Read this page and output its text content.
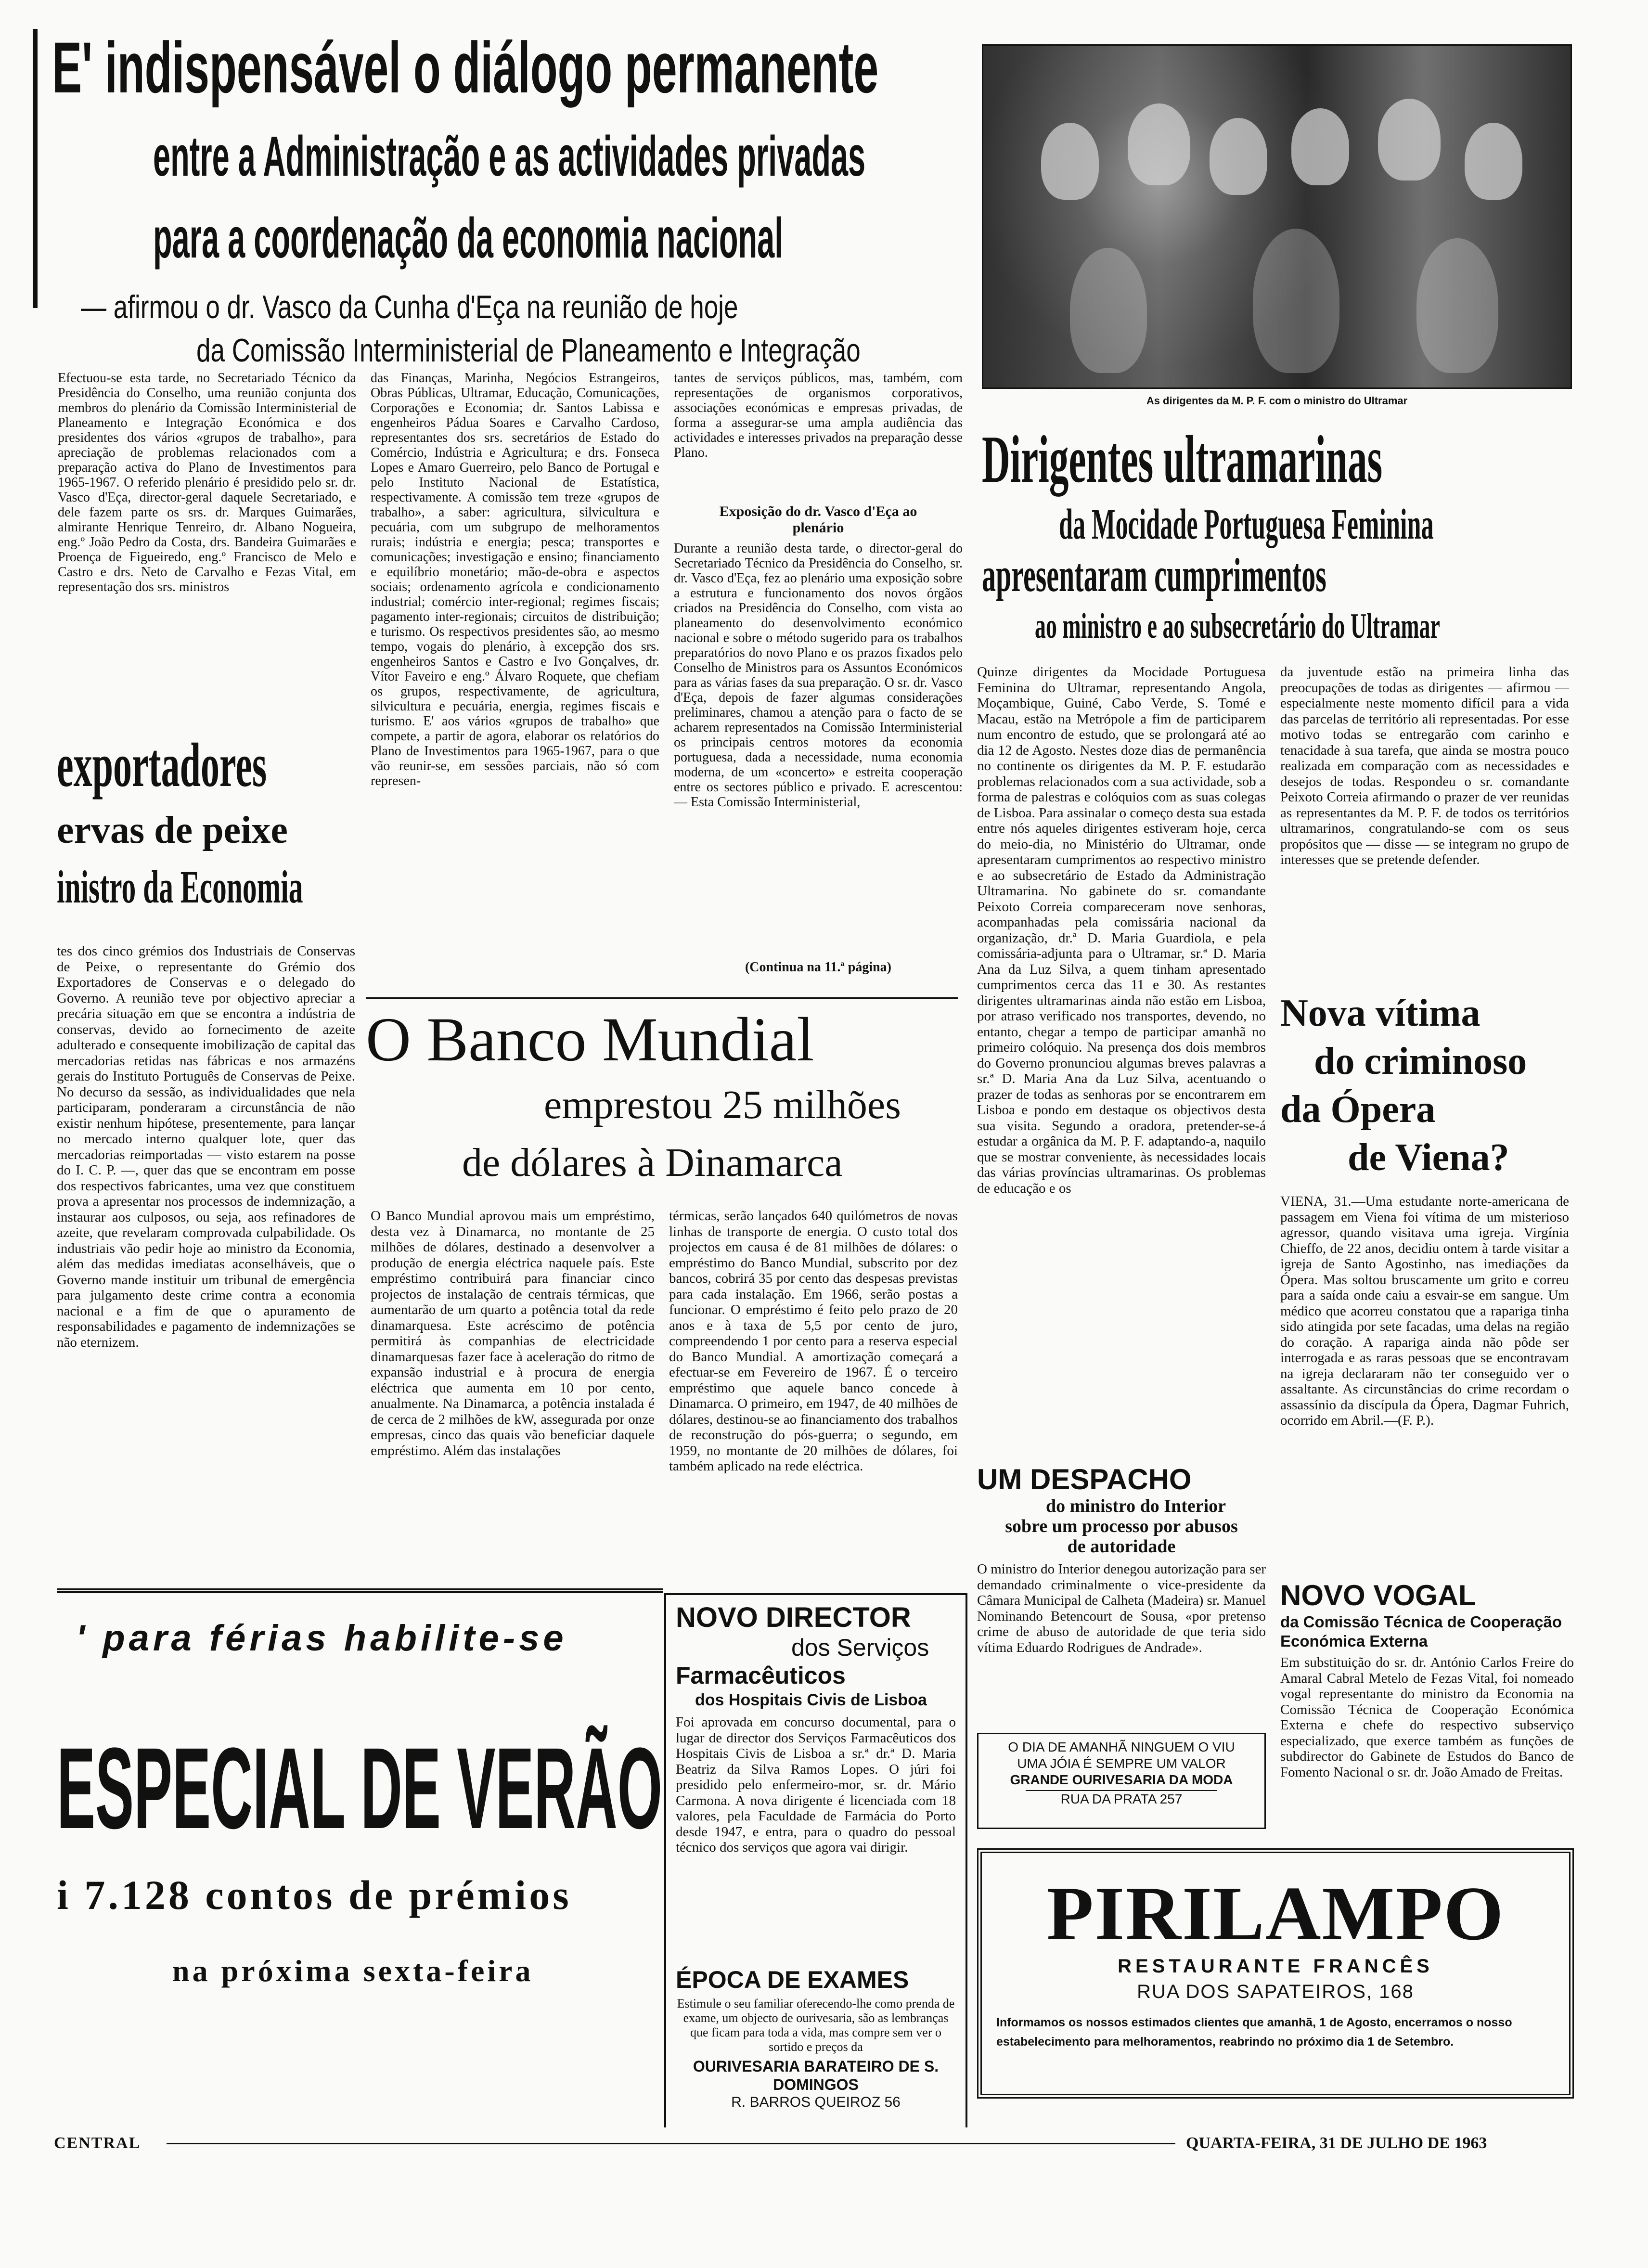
E' indispensável o diálogo permanente
entre a Administração e as actividades privadas
para a coordenação da economia nacional
— afirmou o dr. Vasco da Cunha d'Eça na reunião de hoje
da Comissão Interministerial de Planeamento e Integração
Efectuou-se esta tarde, no Secretariado Técnico da Presidência do Conselho, uma reunião conjunta dos membros do plenário da Comissão Interministerial de Planeamento e Integração Económica e dos presidentes dos vários «grupos de trabalho», para apreciação de problemas relacionados com a preparação activa do Plano de Investimentos para 1965-1967. O referido plenário é presidido pelo sr. dr. Vasco d'Eça, director-geral daquele Secretariado, e dele fazem parte os srs. dr. Marques Guimarães, almirante Henrique Tenreiro, dr. Albano Nogueira, eng.º João Pedro da Costa, drs. Bandeira Guimarães e Proença de Figueiredo, eng.º Francisco de Melo e Castro e drs. Neto de Carvalho e Fezas Vital, em representação dos srs. ministros
das Finanças, Marinha, Negócios Estrangeiros, Obras Públicas, Ultramar, Educação, Comunicações, Corporações e Economia; dr. Santos Labissa e engenheiros Pádua Soares e Carvalho Cardoso, representantes dos srs. secretários de Estado do Comércio, Indústria e Agricultura; e drs. Fonseca Lopes e Amaro Guerreiro, pelo Banco de Portugal e pelo Instituto Nacional de Estatística, respectivamente. A comissão tem treze «grupos de trabalho», a saber: agricultura, silvicultura e pecuária, com um subgrupo de melhoramentos rurais; indústria e energia; pesca; transportes e comunicações; investigação e ensino; financiamento e equilíbrio monetário; mão-de-obra e aspectos sociais; ordenamento agrícola e condicionamento industrial; comércio inter-regional; regimes fiscais; pagamento inter-regionais; circuitos de distribuição; e turismo. Os respectivos presidentes são, ao mesmo tempo, vogais do plenário, à excepção dos srs. engenheiros Santos e Castro e Ivo Gonçalves, dr. Vítor Faveiro e eng.º Álvaro Roquete, que chefiam os grupos, respectivamente, de agricultura, silvicultura e pecuária, energia, regimes fiscais e turismo. E' aos vários «grupos de trabalho» que compete, a partir de agora, elaborar os relatórios do Plano de Investimentos para 1965-1967, para o que vão reunir-se, em sessões parciais, não só com represen-
tantes de serviços públicos, mas, também, com representações de organismos corporativos, associações económicas e empresas privadas, de forma a assegurar-se uma ampla audiência das actividades e interesses privados na preparação desse Plano.
Exposição do dr. Vasco d'Eça ao plenário
Durante a reunião desta tarde, o director-geral do Secretariado Técnico da Presidência do Conselho, sr. dr. Vasco d'Eça, fez ao plenário uma exposição sobre a estrutura e funcionamento dos novos órgãos criados na Presidência do Conselho, com vista ao planeamento do desenvolvimento económico nacional e sobre o método sugerido para os trabalhos preparatórios do novo Plano e os prazos fixados pelo Conselho de Ministros para os Assuntos Económicos para as várias fases da sua preparação. O sr. dr. Vasco d'Eça, depois de fazer algumas considerações preliminares, chamou a atenção para o facto de se acharem representados na Comissão Interministerial os principais centros motores da economia portuguesa, dada a necessidade, numa economia moderna, de um «concerto» e estreita cooperação entre os sectores público e privado. E acrescentou: — Esta Comissão Interministerial,
(Continua na 11.ª página)
As dirigentes da M. P. F. com o ministro do Ultramar
Dirigentes ultramarinas
da Mocidade Portuguesa Feminina
apresentaram cumprimentos
ao ministro e ao subsecretário do Ultramar
Quinze dirigentes da Mocidade Portuguesa Feminina do Ultramar, representando Angola, Moçambique, Guiné, Cabo Verde, S. Tomé e Macau, estão na Metrópole a fim de participarem num encontro de estudo, que se prolongará até ao dia 12 de Agosto. Nestes doze dias de permanência no continente os dirigentes da M. P. F. estudarão problemas relacionados com a sua actividade, sob a forma de palestras e colóquios com as suas colegas de Lisboa. Para assinalar o começo desta sua estada entre nós aqueles dirigentes estiveram hoje, cerca do meio-dia, no Ministério do Ultramar, onde apresentaram cumprimentos ao respectivo ministro e ao subsecretário de Estado da Administração Ultramarina. No gabinete do sr. comandante Peixoto Correia compareceram nove senhoras, acompanhadas pela comissária nacional da organização, dr.ª D. Maria Guardiola, e pela comissária-adjunta para o Ultramar, sr.ª D. Maria Ana da Luz Silva, a quem tinham apresentado cumprimentos cerca das 11 e 30. As restantes dirigentes ultramarinas ainda não estão em Lisboa, por atraso verificado nos transportes, devendo, no entanto, chegar a tempo de participar amanhã no primeiro colóquio. Na presença dos dois membros do Governo pronunciou algumas breves palavras a sr.ª D. Maria Ana da Luz Silva, acentuando o prazer de todas as senhoras por se encontrarem em Lisboa e pondo em destaque os objectivos desta sua visita. Segundo a oradora, pretender-se-á estudar a orgânica da M. P. F. adaptando-a, naquilo que se mostrar conveniente, às necessidades locais das várias províncias ultramarinas. Os problemas de educação e os
da juventude estão na primeira linha das preocupações de todas as dirigentes — afirmou — especialmente neste momento difícil para a vida das parcelas de território ali representadas. Por esse motivo todas se entregarão com carinho e tenacidade à sua tarefa, que ainda se mostra pouco realizada em comparação com as necessidades e desejos de todas. Respondeu o sr. comandante Peixoto Correia afirmando o prazer de ver reunidas as representantes da M. P. F. de todos os territórios ultramarinos, congratulando-se com os seus propósitos que — disse — se integram no grupo de interesses que se pretende defender.
Nova vítima
do criminoso
da Ópera
de Viena?
VIENA, 31.—Uma estudante norte-americana de passagem em Viena foi vítima de um misterioso agressor, quando visitava uma igreja. Virgínia Chieffo, de 22 anos, decidiu ontem à tarde visitar a igreja de Santo Agostinho, nas imediações da Ópera. Mas soltou bruscamente um grito e correu para a saída onde caiu a esvair-se em sangue. Um médico que acorreu constatou que a rapariga tinha sido atingida por sete facadas, uma delas na região do coração. A rapariga ainda não pôde ser interrogada e as raras pessoas que se encontravam na igreja declararam não ter conseguido ver o assaltante. As circunstâncias do crime recordam o assassínio da discípula da Ópera, Dagmar Fuhrich, ocorrido em Abril.—(F. P.).
exportadores
ervas de peixe
inistro da Economia
tes dos cinco grémios dos Industriais de Conservas de Peixe, o representante do Grémio dos Exportadores de Conservas e o delegado do Governo. A reunião teve por objectivo apreciar a precária situação em que se encontra a indústria de conservas, devido ao fornecimento de azeite adulterado e consequente imobilização de capital das mercadorias retidas nas fábricas e nos armazéns gerais do Instituto Português de Conservas de Peixe. No decurso da sessão, as individualidades que nela participaram, ponderaram a circunstância de não existir nenhum hipótese, presentemente, para lançar no mercado interno qualquer lote, quer das mercadorias reimportadas — visto estarem na posse do I. C. P. —, quer das que se encontram em posse dos respectivos fabricantes, uma vez que constituem prova a apresentar nos processos de indemnização, a instaurar aos culposos, ou seja, aos refinadores de azeite, que revelaram comprovada culpabilidade. Os industriais vão pedir hoje ao ministro da Economia, além das medidas imediatas aconselháveis, que o Governo mande instituir um tribunal de emergência para julgamento deste crime contra a economia nacional e a fim de que o apuramento de responsabilidades e pagamento de indemnizações se não eternizem.
O Banco Mundial
emprestou 25 milhões
de dólares à Dinamarca
O Banco Mundial aprovou mais um empréstimo, desta vez à Dinamarca, no montante de 25 milhões de dólares, destinado a desenvolver a produção de energia eléctrica naquele país. Este empréstimo contribuirá para financiar cinco projectos de instalação de centrais térmicas, que aumentarão de um quarto a potência total da rede dinamarquesa. Este acréscimo de potência permitirá às companhias de electricidade dinamarquesas fazer face à aceleração do ritmo de expansão industrial e à procura de energia eléctrica que aumenta em 10 por cento, anualmente. Na Dinamarca, a potência instalada é de cerca de 2 milhões de kW, assegurada por onze empresas, cinco das quais vão beneficiar daquele empréstimo. Além das instalações
térmicas, serão lançados 640 quilómetros de novas linhas de transporte de energia. O custo total dos projectos em causa é de 81 milhões de dólares: o empréstimo do Banco Mundial, subscrito por dez bancos, cobrirá 35 por cento das despesas previstas para cada instalação. Em 1966, serão postas a funcionar. O empréstimo é feito pelo prazo de 20 anos e à taxa de 5,5 por cento de juro, compreendendo 1 por cento para a reserva especial do Banco Mundial. A amortização começará a efectuar-se em Fevereiro de 1967. É o terceiro empréstimo que aquele banco concede à Dinamarca. O primeiro, em 1947, de 40 milhões de dólares, destinou-se ao financiamento dos trabalhos de reconstrução do pós-guerra; o segundo, em 1959, no montante de 20 milhões de dólares, foi também aplicado na rede eléctrica.	UM DESPACHO
do ministro do Interior
sobre um processo por abusos
de autoridade
O ministro do Interior denegou autorização para ser demandado criminalmente o vice-presidente da Câmara Municipal de Calheta (Madeira) sr. Manuel Nominando Betencourt de Sousa, «por pretenso crime de abuso de autoridade de que teria sido vítima Eduardo Rodrigues de Andrade».
O DIA DE AMANHÃ NINGUEM O VIU
UMA JÓIA É SEMPRE UM VALOR
GRANDE OURIVESARIA DA MODA
RUA DA PRATA 257
NOVO DIRECTOR
dos Serviços
Farmacêuticos
dos Hospitais Civis de Lisboa
Foi aprovada em concurso documental, para o lugar de director dos Serviços Farmacêuticos dos Hospitais Civis de Lisboa a sr.ª dr.ª D. Maria Beatriz da Silva Ramos Lopes. O júri foi presidido pelo enfermeiro-mor, sr. dr. Mário Carmona. A nova dirigente é licenciada com 18 valores, pela Faculdade de Farmácia do Porto desde 1947, e entra, para o quadro do pessoal técnico dos serviços que agora vai dirigir.
ÉPOCA DE EXAMES
Estimule o seu familiar oferecendo-lhe como prenda de exame, um objecto de ourivesaria, são as lembranças que ficam para toda a vida, mas compre sem ver o sortido e preços da
OURIVESARIA BARATEIRO DE S. DOMINGOS
R. BARROS QUEIROZ 56
' para férias habilite-se
ESPECIAL DE VERÃO
i 7.128 contos de prémios
na próxima sexta-feira
NOVO VOGAL
da Comissão Técnica de Cooperação Económica Externa
Em substituição do sr. dr. António Carlos Freire do Amaral Cabral Metelo de Fezas Vital, foi nomeado vogal representante do ministro da Economia na Comissão Técnica de Cooperação Económica Externa e chefe do respectivo subserviço especializado, que exerce também as funções de subdirector do Gabinete de Estudos do Banco de Fomento Nacional o sr. dr. João Amado de Freitas.
PIRILAMPO
RESTAURANTE FRANCÊS
RUA DOS SAPATEIROS, 168
Informamos os nossos estimados clientes que amanhã, 1 de Agosto, encerramos o nosso estabelecimento para melhoramentos, reabrindo no próximo dia 1 de Setembro.
CENTRAL	QUARTA-FEIRA, 31 DE JULHO DE 1963
